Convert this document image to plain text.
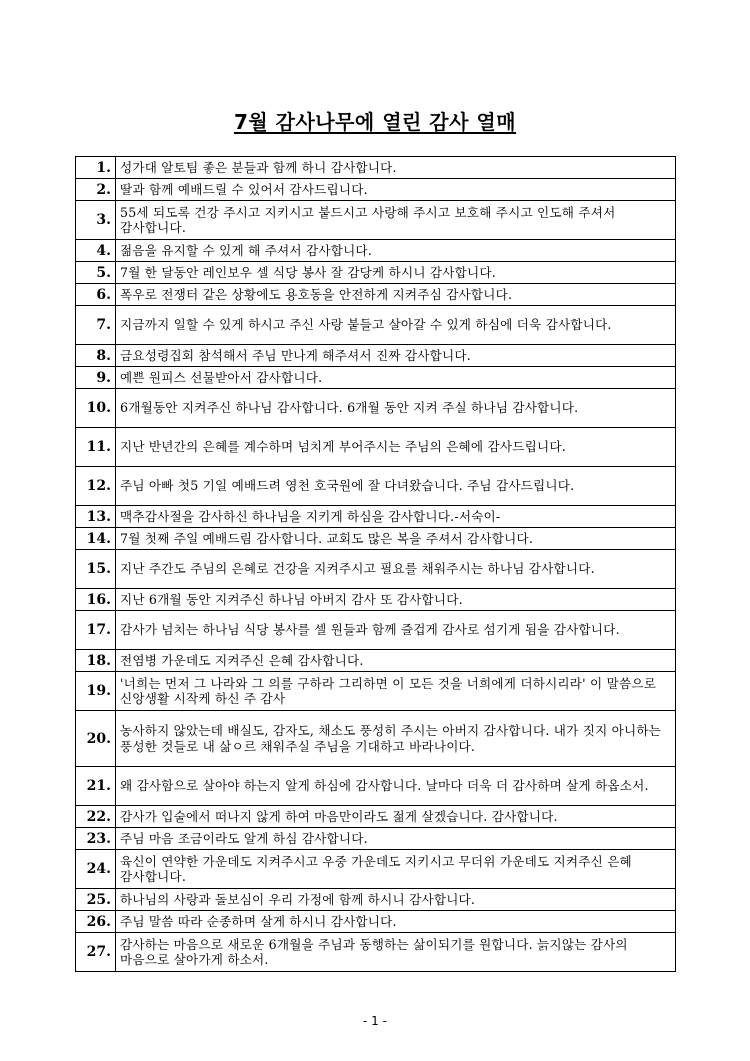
7월 감사나무에 열린 감사 열매
1.	성가대 알토팀 좋은 분들과 함께 하니 감사합니다.
2.	딸과 함께 예배드릴 수 있어서 감사드립니다.
3.	55세 되도록 건강 주시고 지키시고 붙드시고 사랑해 주시고 보호해 주시고 인도해 주셔서 감사합니다.
4.	젊음을 유지할 수 있게 해 주셔서 감사합니다.
5.	7월 한 달동안 레인보우 셀 식당 봉사 잘 감당케 하시니 감사합니다.
6.	폭우로 전쟁터 같은 상황에도 용호동을 안전하게 지켜주심 감사합니다.
7.	지금까지 일할 수 있게 하시고 주신 사랑 붙들고 살아갈 수 있게 하심에 더욱 감사합니다.
8.	금요성령집회 참석해서 주님 만나게 해주셔서 진짜 감사합니다.
9.	예쁜 원피스 선물받아서 감사합니다.
10.	6개월동안 지켜주신 하나님 감사합니다. 6개월 동안 지켜 주실 하나님 감사합니다.
11.	지난 반년간의 은혜를 계수하며 넘치게 부어주시는 주님의 은혜에 감사드립니다.
12.	주님 아빠 첫5 기일 예배드려 영천 호국원에 잘 다녀왔습니다. 주님 감사드립니다.
13.	맥추감사절을 감사하신 하나님을 지키게 하심을 감사합니다.-서숙이-
14.	7월 첫째 주일 예배드림 감사합니다. 교회도 많은 복을 주셔서 감사합니다.
15.	지난 주간도 주님의 은혜로 건강을 지켜주시고 필요를 채워주시는 하나님 감사합니다.
16.	지난 6개월 동안 지켜주신 하나님 아버지 감사 또 감사합니다.
17.	감사가 넘치는 하나님 식당 봉사를 셀 원들과 함께 즐겁게 감사로 섬기게 됨을 감사합니다.
18.	전염병 가운데도 지켜주신 은혜 감사합니다.
19.	'너희는 먼저 그 나라와 그 의를 구하라 그리하면 이 모든 것을 너희에게 더하시리라' 이 말씀으로 신앙생활 시작케 하신 주 감사
20.	농사하지 않았는데 배실도, 감자도, 채소도 풍성히 주시는 아버지 감사합니다. 내가 짓지 아니하는 풍성한 것들로 내 삶ㅇ르 채워주실 주님을 기대하고 바라나이다.
21.	왜 감사함으로 살아야 하는지 알게 하심에 감사합니다. 날마다 더욱 더 감사하며 살게 하옵소서.
22.	감사가 입술에서 떠나지 않게 하여 마음만이라도 젊게 살겠습니다. 감사합니다.
23.	주님 마음 조금이라도 알게 하심 감사합니다.
24.	육신이 연약한 가운데도 지켜주시고 우중 가운데도 지키시고 무더위 가운데도 지켜주신 은혜 감사합니다.
25.	하나님의 사랑과 돌보심이 우리 가정에 함께 하시니 감사합니다.
26.	주님 말씀 따라 순종하며 살게 하시니 감사합니다.
27.	감사하는 마음으로 새로운 6개월을 주님과 동행하는 삶이되기를 원합니다. 늙지않는 감사의 마음으로 살아가게 하소서.
- 1 -
